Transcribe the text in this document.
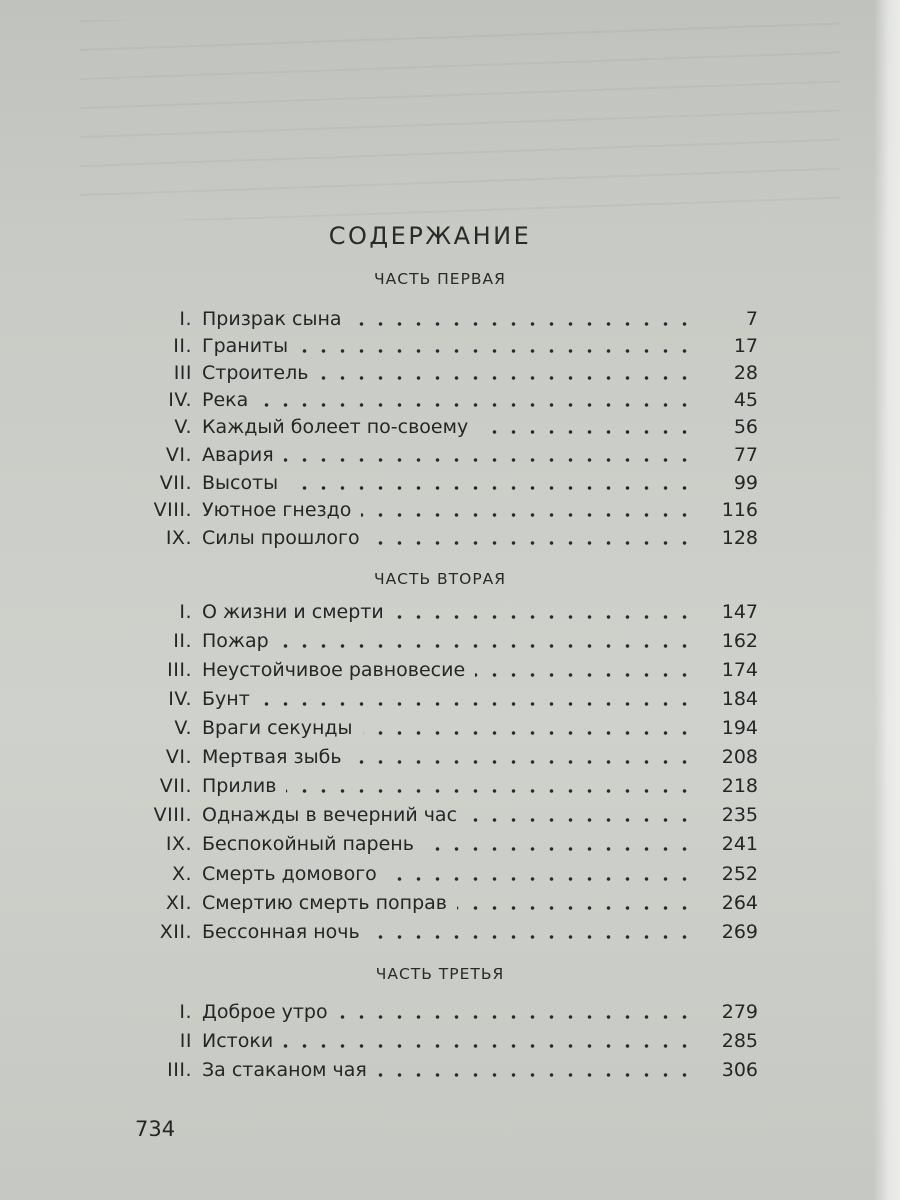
СОДЕРЖАНИЕ
ЧАСТЬ ПЕРВАЯ
I. Призрак сына	7
II. Граниты	17
III Строитель	28
IV. Река	45
V. Каждый болеет по-своему	56
VI. Авария	77
VII. Высоты	99
VIII. Уютное гнездо	116
IX. Силы прошлого	128
ЧАСТЬ ВТОРАЯ
I. О жизни и смерти	147
II. Пожар	162
III. Неустойчивое равновесие	174
IV. Бунт	184
V. Враги секунды	194
VI. Мертвая зыбь	208
VII. Прилив	218
VIII. Однажды в вечерний час	235
IX. Беспокойный парень	241
X. Смерть домового	252
XI. Смертию смерть поправ	264
XII. Бессонная ночь	269
ЧАСТЬ ТРЕТЬЯ
I. Доброе утро	279
II Истоки	285
III. За стаканом чая	306
734
